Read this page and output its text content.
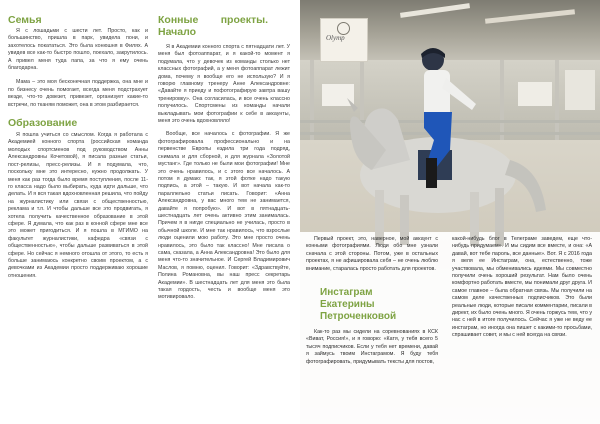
Семья

Я с лошадьми с шести лет. Просто, как и большинство, пришла в парк, увидела пони, и захотелось покататься. Это была конюшня в Филях. А увидев все как-то быстро пошло, поехало, закрутилось. А привел меня туда папа, за что я ему очень благодарна.

Мама – это моя бесконечная поддержка, она мне и по бизнесу очень помогает, всегда меня подстрахует везде, что-то довезет, привезет, организует какие-то встречи, по тканям поможет, она в этом разбирается.

Образование

Я пошла учиться со смыслом. Когда я работала с Академией конного спорта (российская команда молодых спортсменов под руководством Анны Александровны Кочетовой), я писала разные статьи, пост-релизы, пресс-релизы. И я подумала, что, поскольку мне это интересно, нужно продолжать. У меня как раз тогда было время поступления, после 11-го класса надо было выбирать, куда идти дальше, что делать. И я вся такая вдохновленная решила, что пойду на журналистику или связи с общественностью, реклама и т.п. И чтобы дальше все это продвигать, я хотела получить качественное образование в этой сфере. Я думала, что как раз в конной сфере мне все это может пригодиться. И я пошла в МГИМО на факультет журналистики, кафедра «связи с общественностью», чтобы дальше развиваться в этой сфере. Но сейчас я немного отошла от этого, то есть я больше занимаюсь конкретно своим проектом, а с девочками из Академии просто поддерживаю хорошие отношения.

Конные проекты. Начало

Я в Академии конного спорта с пятнадцати лет. У меня был фотоаппарат, и я какой-то момент я подумала, что у девочек из команды столько нет классных фотографий, а у меня фотоаппарат лежит дома, почему я вообще его не использую? И я говорю главному тренеру Анне Александровне: «Давайте я приеду и пофотографирую завтра вашу тренировку». Она согласилась, и все очень классно получилось. Спортсмены из команды начали выкладывать мои фотографии к себе в аккаунты, меня это очень вдохновляло!

Вообще, все началось с фотографии. Я же фотографировала профессионально и на первенстве Европы ездила три года подряд, снимала и для сборной, и для журнала «Золотой мустанг». Где только не были мои фотографии! Мне это очень нравилось, и с этого все началось. А потом я думаю: так, я этой фотке надо такую подпись, а этой – такую. И вот начала как-то параллельно статьи писать. Говорит: «Анна Александровна, у вас много тем не занимается, давайте я попробую». И вот в пятнадцать-шестнадцать лет очень активно этим занималась. Причем я в нигде специально не училась, просто в обычной школе. И мне так нравилось, что взрослые люди оценили мою работу. Это мне просто очень нравилось, это было так классно! Мне писала о сама, сказала, а Анна Александровна! Это было для меня что-то значительное. И Сергей Владимирович Маслов, я помню, оценил. Говорит: «Здравствуйте, Полина Романовна, вы наш пресс секретарь Академии». В шестнадцать лет для меня это была такая гордость, честь и вообще меня это мотивировало.

Olymp

Первый проект, это, наверное, мой аккаунт с конными фотографиями. Люди обо мне узнали сначала с этой стороны. Потом, уже в остальных проектах, я не афишировала себя – не очень люблю внимание, старалась просто работать для проектов.

Инстаграм Екатерины Петроченковой

Как-то раз мы сидели на соревнованиях в КСК «Виват, Россия!», и я говорю: «Катя, у тебя всего 5 тысяч подписчиков. Если у тебя нет времени, давай я займусь твоим Инстаграмом. Я буду тебя фотографировать, придумывать тексты для постов,

какой-нибудь блог в Телеграме заведем, еще что-нибудь придумаем». И мы сидим все вместе, и она: «А давай, вот тебе пароль, все данные». Вот. Я с 2016 года я веля ее Инстаграм, она, естественно, тоже участвовала, мы обменивались идеями. Мы совместно получили очень хороший результат. Нам было очень комфортно работать вместе, мы понимали друг друга. И самое главное – была обратная связь. Мы получили на самом деле качественных подписчиков. Это были реальные люди, которые писали комментарии, писали в директ, их было очень много. Я очень горжусь тем, что у нас с ней в итоге получилось. Сейчас я уже не веду ее инстаграм, но иногда она пишет с какими-то просьбами, спрашивает совет, и мы с ней всегда на связи.
